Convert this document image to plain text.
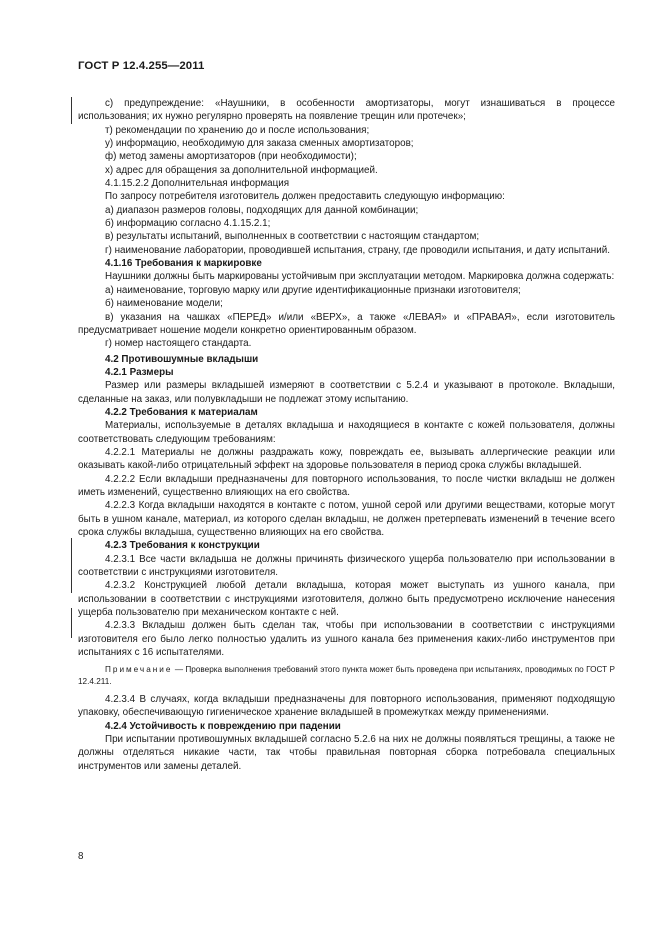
ГОСТ Р 12.4.255—2011

с) предупреждение: «Наушники, в особенности амортизаторы, могут изнашиваться в процессе использования; их нужно регулярно проверять на появление трещин или протечек»;

т) рекомендации по хранению до и после использования;

у) информацию, необходимую для заказа сменных амортизаторов;

ф) метод замены амортизаторов (при необходимости);

х) адрес для обращения за дополнительной информацией.

4.1.15.2.2 Дополнительная информация

По запросу потребителя изготовитель должен предоставить следующую информацию:

а) диапазон размеров головы, подходящих для данной комбинации;

б) информацию согласно 4.1.15.2.1;

в) результаты испытаний, выполненных в соответствии с настоящим стандартом;

г) наименование лаборатории, проводившей испытания, страну, где проводили испытания, и дату испытаний.

4.1.16 Требования к маркировке

Наушники должны быть маркированы устойчивым при эксплуатации методом. Маркировка должна содержать:

а) наименование, торговую марку или другие идентификационные признаки изготовителя;

б) наименование модели;

в) указания на чашках «ПЕРЕД» и/или «ВЕРХ», а также «ЛЕВАЯ» и «ПРАВАЯ», если изготовитель предусматривает ношение модели конкретно ориентированным образом.

г) номер настоящего стандарта.

4.2 Противошумные вкладыши

4.2.1 Размеры

Размер или размеры вкладышей измеряют в соответствии с 5.2.4 и указывают в протоколе. Вкладыши, сделанные на заказ, или полувкладыши не подлежат этому испытанию.

4.2.2 Требования к материалам

Материалы, используемые в деталях вкладыша и находящиеся в контакте с кожей пользователя, должны соответствовать следующим требованиям:

4.2.2.1 Материалы не должны раздражать кожу, повреждать ее, вызывать аллергические реакции или оказывать какой-либо отрицательный эффект на здоровье пользователя в период срока службы вкладышей.

4.2.2.2 Если вкладыши предназначены для повторного использования, то после чистки вкладыш не должен иметь изменений, существенно влияющих на его свойства.

4.2.2.3 Когда вкладыши находятся в контакте с потом, ушной серой или другими веществами, которые могут быть в ушном канале, материал, из которого сделан вкладыш, не должен претерпевать изменений в течение всего срока службы вкладыша, существенно влияющих на его свойства.

4.2.3 Требования к конструкции

4.2.3.1 Все части вкладыша не должны причинять физического ущерба пользователю при использовании в соответствии с инструкциями изготовителя.

4.2.3.2 Конструкцией любой детали вкладыша, которая может выступать из ушного канала, при использовании в соответствии с инструкциями изготовителя, должно быть предусмотрено исключение нанесения ущерба пользователю при механическом контакте с ней.

4.2.3.3 Вкладыш должен быть сделан так, чтобы при использовании в соответствии с инструкциями изготовителя его было легко полностью удалить из ушного канала без применения каких-либо инструментов при испытаниях с 16 испытателями.

Примечание — Проверка выполнения требований этого пункта может быть проведена при испытаниях, проводимых по ГОСТ Р 12.4.211.

4.2.3.4 В случаях, когда вкладыши предназначены для повторного использования, применяют подходящую упаковку, обеспечивающую гигиеническое хранение вкладышей в промежутках между применениями.

4.2.4 Устойчивость к повреждению при падении

При испытании противошумных вкладышей согласно 5.2.6 на них не должны появляться трещины, а также не должны отделяться никакие части, так чтобы правильная повторная сборка потребовала специальных инструментов или замены деталей.

8
